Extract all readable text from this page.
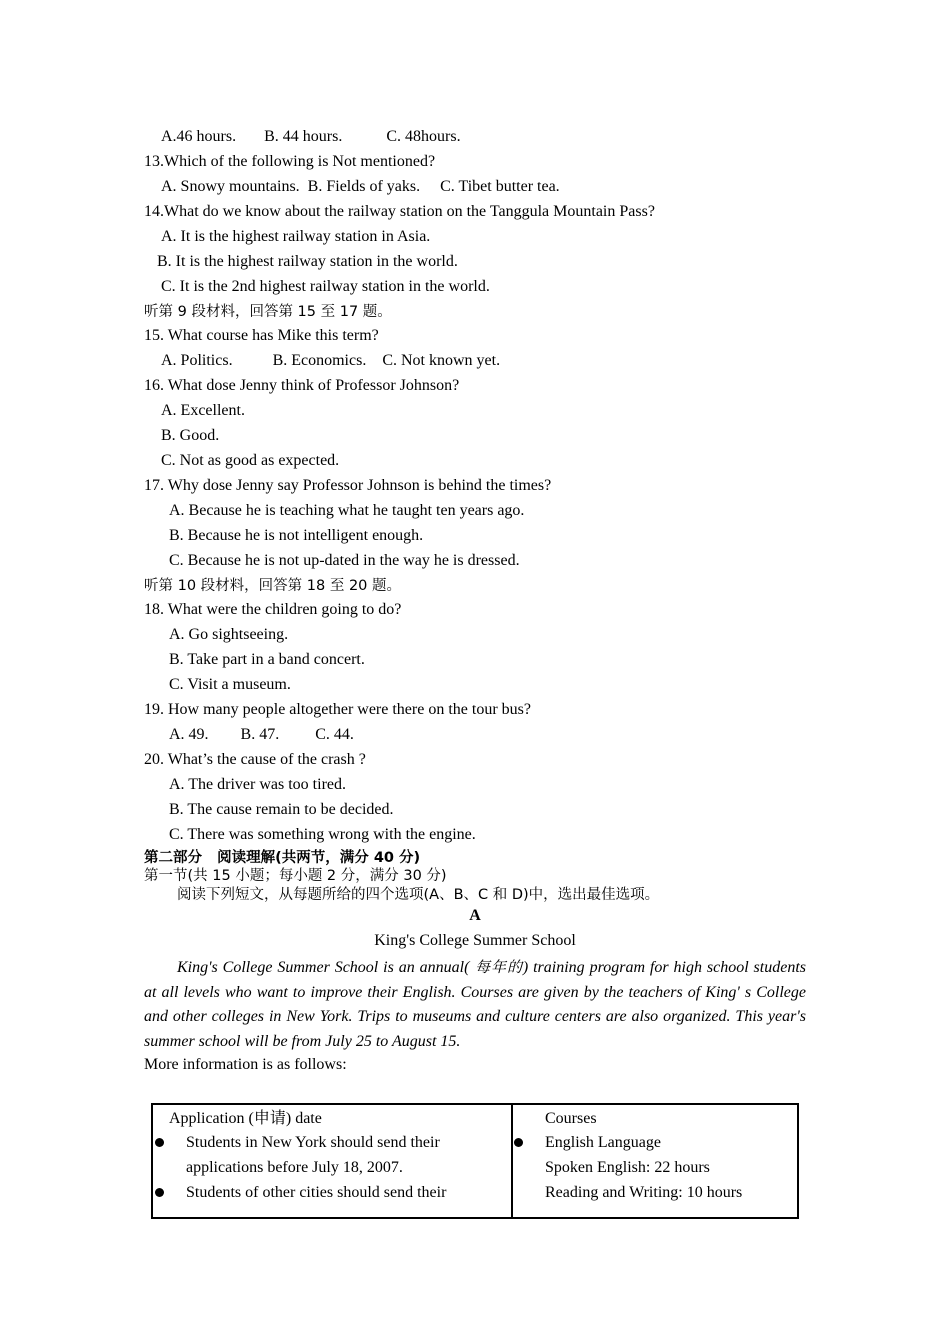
A.46 hours.       B. 44 hours.           C. 48hours.
13.Which of the following is Not mentioned?
A. Snowy mountains.  B. Fields of yaks.     C. Tibet butter tea.
14.What do we know about the railway station on the Tanggula Mountain Pass?
A. It is the highest railway station in Asia.
B. It is the highest railway station in the world.
C. It is the 2nd highest railway station in the world.
听第 9 段材料，回答第 15 至 17 题。
15. What course has Mike this term?
A. Politics.          B. Economics.    C. Not known yet.
16. What dose Jenny think of Professor Johnson?
A. Excellent.
B. Good.
C. Not as good as expected.
17. Why dose Jenny say Professor Johnson is behind the times?
A. Because he is teaching what he taught ten years ago.
B. Because he is not intelligent enough.
C. Because he is not up-dated in the way he is dressed.
听第 10 段材料，回答第 18 至 20 题。
18. What were the children going to do?
A. Go sightseeing.
B. Take part in a band concert.
C. Visit a museum.
19. How many people altogether were there on the tour bus?
A. 49.        B. 47.         C. 44.
20. What’s the cause of the crash ?
A. The driver was too tired.
B. The cause remain to be decided.
C. There was something wrong with the engine.
第二部分   阅读理解(共两节，满分 40 分)
第一节(共 15 小题；每小题 2 分，满分 30 分)
阅读下列短文，从每题所给的四个选项(A、B、C 和 D)中，选出最佳选项。
A
King's College Summer School
King's College Summer School is an annual( 每年的) training program for high school students at all levels who want to improve their English. Courses are given by the teachers of King' s College and other colleges in New York. Trips to museums and culture centers are also organized. This year's summer school will be from July 25 to August 15.
More information is as follows:
Application (申请) date
Students in New York should send their
applications before July 18, 2007.
Students of other cities should send their
Courses
English Language
Spoken English: 22 hours
Reading and Writing: 10 hours
